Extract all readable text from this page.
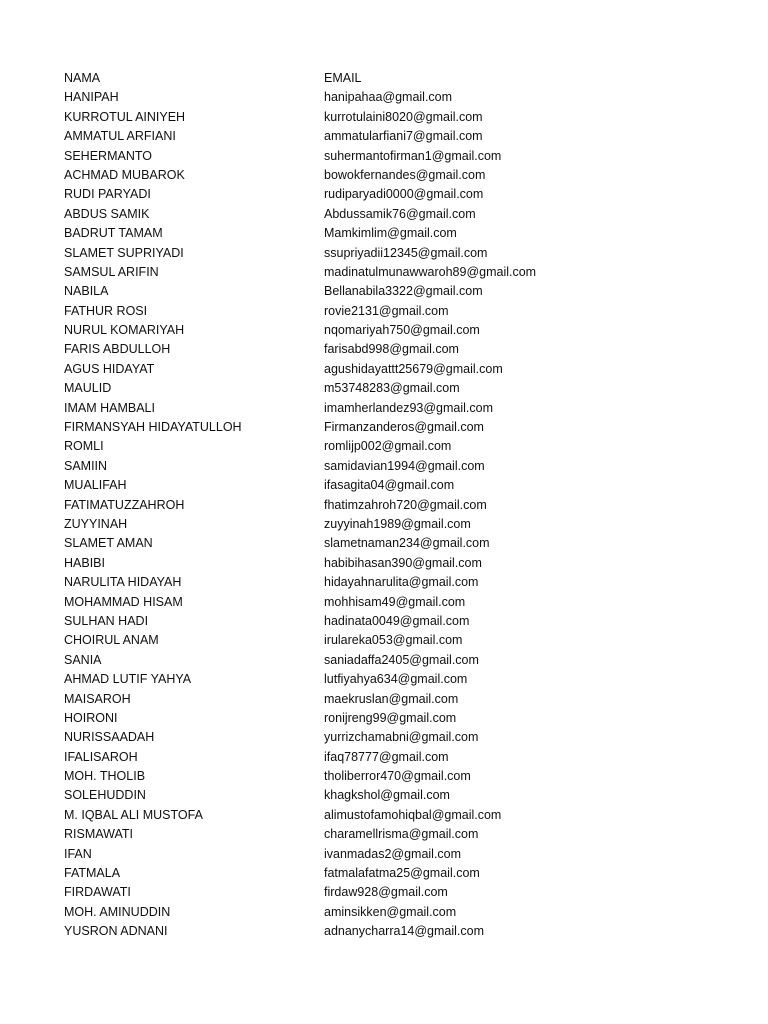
NAMA	EMAIL
HANIPAH	hanipahaa@gmail.com
KURROTUL AINIYEH	kurrotulaini8020@gmail.com
AMMATUL ARFIANI	ammatularfiani7@gmail.com
SEHERMANTO	suhermantofirman1@gmail.com
ACHMAD MUBAROK	bowokfernandes@gmail.com
RUDI PARYADI	rudiparyadi0000@gmail.com
ABDUS SAMIK	Abdussamik76@gmail.com
BADRUT TAMAM	Mamkimlim@gmail.com
SLAMET SUPRIYADI	ssupriyadii12345@gmail.com
SAMSUL ARIFIN	madinatulmunawwaroh89@gmail.com
NABILA	Bellanabila3322@gmail.com
FATHUR ROSI	rovie2131@gmail.com
NURUL KOMARIYAH	nqomariyah750@gmail.com
FARIS ABDULLOH	farisabd998@gmail.com
AGUS HIDAYAT	agushidayattt25679@gmail.com
MAULID	m53748283@gmail.com
IMAM HAMBALI	imamherlandez93@gmail.com
FIRMANSYAH HIDAYATULLOH	Firmanzanderos@gmail.com
ROMLI	romlijp002@gmail.com
SAMIIN	samidavian1994@gmail.com
MUALIFAH	ifasagita04@gmail.com
FATIMATUZZAHROH	fhatimzahroh720@gmail.com
ZUYYINAH	zuyyinah1989@gmail.com
SLAMET AMAN	slametnaman234@gmail.com
HABIBI	habibihasan390@gmail.com
NARULITA HIDAYAH	hidayahnarulita@gmail.com
MOHAMMAD HISAM	mohhisam49@gmail.com
SULHAN HADI	hadinata0049@gmail.com
CHOIRUL ANAM	irulareka053@gmail.com
SANIA	saniadaffa2405@gmail.com
AHMAD LUTIF YAHYA	lutfiyahya634@gmail.com
MAISAROH	maekruslan@gmail.com
HOIRONI	ronijreng99@gmail.com
NURISSAADAH	yurrizchamabni@gmail.com
IFALISAROH	ifaq78777@gmail.com
MOH. THOLIB	tholiberror470@gmail.com
SOLEHUDDIN	khagkshol@gmail.com
M. IQBAL ALI MUSTOFA	alimustofamohiqbal@gmail.com
RISMAWATI	charamellrisma@gmail.com
IFAN	ivanmadas2@gmail.com
FATMALA	fatmalafatma25@gmail.com
FIRDAWATI	firdaw928@gmail.com
MOH. AMINUDDIN	aminsikken@gmail.com
YUSRON ADNANI	adnanycharra14@gmail.com
